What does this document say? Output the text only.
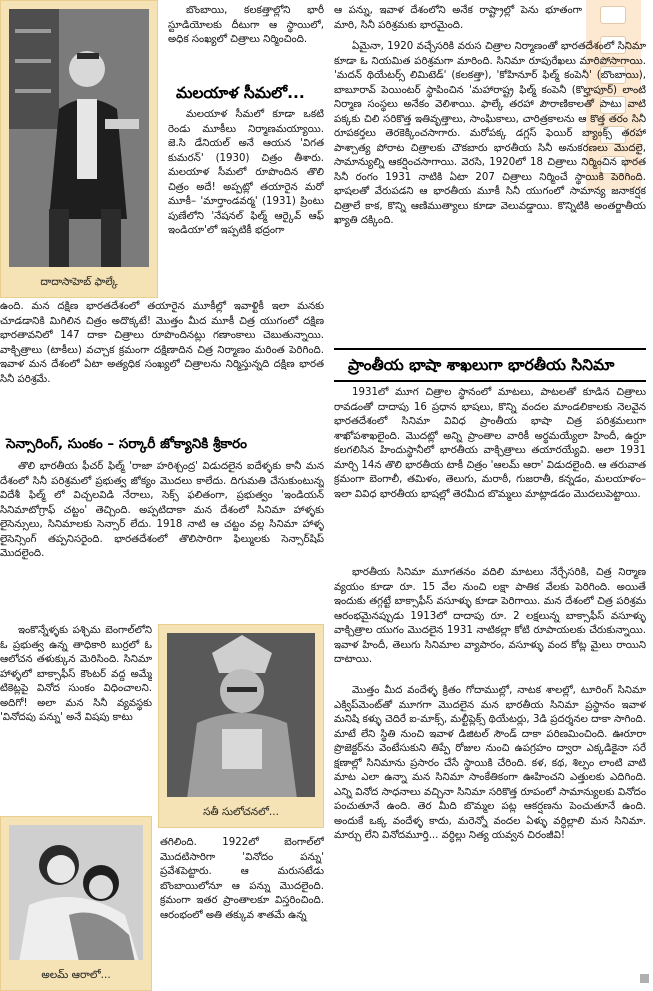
దాదాసాహెబ్ ఫాల్కే

బొంబాయి, కలకత్తాల్లోని భారీ స్టూడియోలకు దీటుగా ఆ స్థాయిలో, అధిక సంఖ్యలో చిత్రాలు నిర్మించింది.

మలయాళ సీమలో...

మలయాళ సీమలో కూడా ఒకటి రెండు మూకీలు నిర్మాణమయ్యాయి. జె.సి డేనియల్ అనే ఆయన 'విగత కుమరన్' (1930) చిత్రం తీశారు. మలయాళ సీమలో రూపొందిన తొలి చిత్రం అదే! అప్పట్లో తయారైన మరో మూకీ– 'మార్తాండవర్మ' (1931) ప్రింటు పుణేలోని 'నేషనల్ ఫిల్మ్ ఆర్కైవ్ ఆఫ్ ఇండియా'లో ఇప్పటికీ భద్రంగా

ఉంది. మన దక్షిణ భారతదేశంలో తయారైన మూకీల్లో ఇవాళ్టికీ ఇలా మనకు చూడడానికి మిగిలిన చిత్రం అదొక్కటే! మొత్తం మీద మూకీ చిత్ర యుగంలో దక్షిణ భారతావనిలో 147 దాకా చిత్రాలు రూపొందినట్లు గణాంకాలు చెబుతున్నాయి. వాక్చిత్రాలు (టాకీలు) వచ్చాక క్రమంగా దక్షిణాదిన చిత్ర నిర్మాణం మరింత పెరిగింది. ఇవాళ మన దేశంలో ఏటా అత్యధిక సంఖ్యలో చిత్రాలను నిర్మిస్తున్నది దక్షిణ భారత సినీ పరిశ్రమే.

సెన్సారింగ్, సుంకం – సర్కారీ జోక్యానికి శ్రీకారం

తొలి భారతీయ ఫీచర్ ఫిల్మ్ 'రాజా హరిశ్చంద్ర' విడుదలైన ఐదేళ్ళకు కానీ మన దేశంలో సినీ పరిశ్రమలో ప్రభుత్వ జోక్యం మొదలు కాలేదు. దిగుమతి చేసుకుంటున్న విదేశీ ఫిల్మ్ లో విచ్చలవిడి నేరాలు, సెక్స్ ఫలితంగా, ప్రభుత్వం 'ఇండియన్ సినిమాటోగ్రాఫ్ చట్టం' తెచ్చింది. అప్పటిదాకా మన దేశంలో సినిమా హాళ్ళకు లైసెన్సులు, సినిమాలకు సెన్సార్ లేదు. 1918 నాటి ఆ చట్టం వల్ల సినిమా హాళ్ళ లైసెన్సింగ్ తప్పనిసరైంది. భారతదేశంలో తొలిసారిగా ఫిల్ములకు సెన్సార్‌షిప్ మొదలైంది.

ఇంకొన్నేళ్ళకు పశ్చిమ బెంగాల్‌లోని ఓ ప్రభుత్వ ఉన్న తాధికారి బుర్రలో ఓ ఆలోచన తళుక్కున మెరిసింది. సినిమా హాళ్ళలో బాక్సాఫీస్ కౌంటర్ వద్ద అమ్మే టికెట్లపై వినోద సుంకం విధించాలని. అదిగో! అలా మన సినీ వ్యవస్థకు 'వినోదపు పన్ను' అనే విషపు కాటు

సతీ సులోచనలో...
అలమ్ ఆరాలో...

తగిలింది. 1922లో బెంగాల్‌లో మొదటిసారిగా 'వినోదం పన్ను' ప్రవేశపెట్టారు. ఆ మరుసటేడు బొంబాయిలోనూ ఆ పన్ను మొదలైంది. క్రమంగా ఇతర ప్రాంతాలకూ విస్తరించింది. ఆరంభంలో అతి తక్కువ శాతమే ఉన్న

ఆ పన్ను, ఇవాళ దేశంలోని అనేక రాష్ట్రాల్లో పెను భూతంగా మారి, సినీ పరిశ్రమకు భారమైంది.

ఏమైనా, 1920 వచ్చేసరికి వరుస చిత్రాల నిర్మాణంతో భారతదేశంలో సినిమా కూడా ఓ నియమిత పరిశ్రమగా మారింది. సినిమా రూపురేఖలు మారిపోసాగాయి. 'మదన్ థియేటర్స్ లిమిటెడ్' (కలకత్తా), 'కోహినూర్ ఫిల్మ్ కంపెనీ' (బొంబాయి), బాబూరావ్ పెయింటర్ స్థాపించిన 'మహారాష్ట్ర ఫిల్మ్ కంపెనీ (కొల్హాపూర్) లాంటి నిర్మాణ సంస్థలు అనేకం వెలిశాయి. ఫాల్కే తరహా పౌరాణికాలతో పాటు వాటి పక్కకు చిలి సరికొత్త ఇతివృత్తాలు, సాంఘికాలు, చారిత్రకాలను ఆ కొత్త తరం సినీ రూపకర్తలు తెరకెక్కించసాగారు. మరోపక్క డగ్లస్ ఫెయిర్ బ్యాంక్స్ తరహా పాశ్చాత్య పోరాట చిత్రాలకు చౌకబారు భారతీయ సినీ అనుకరణలు మొదలై, సామాన్యుల్ని ఆకర్షించసాగాయి. వెరసి, 1920లో 18 చిత్రాలు నిర్మించిన భారత సినీ రంగం 1931 నాటికి ఏటా 207 చిత్రాలు నిర్మించే స్థాయికి పెరిగింది. భాషలతో వేరుపడని ఆ భారతీయ మూకీ సినీ యుగంలో సామాన్య జనాకర్షక చిత్రాలే కాక, కొన్ని ఆణిముత్యాలు కూడా వెలువడ్డాయి. కొన్నిటికి అంతర్జాతీయ ఖ్యాతి దక్కింది.

ప్రాంతీయ భాషా శాఖలుగా భారతీయ సినిమా

1931లో మూగ చిత్రాల స్థానంలో మాటలు, పాటలతో కూడిన చిత్రాలు రావడంతో దాదాపు 16 ప్రధాన భాషలు, కొన్ని వందల మాండలికాలకు నెలవైన భారతదేశంలో సినిమా వివిధ ప్రాంతీయ భాషా చిత్ర పరిశ్రమలుగా శాఖోపశాఖలైంది. మొదట్లో అన్ని ప్రాంతాల వారికీ అర్థమయ్యేలా హిందీ, ఉర్దూ కలగలిసిన హిందుస్థానీలో భారతీయ వాక్చిత్రాలు తయారయ్యేవి. అలా 1931 మార్చి 14న తొలి భారతీయ టాకీ చిత్రం 'ఆలమ్ ఆరా' విడుదలైంది. ఆ తరువాత క్రమంగా బెంగాలీ, తమిళం, తెలుగు, మరాఠీ, గుజరాతీ, కన్నడం, మలయాళం– ఇలా వివిధ భారతీయ భాషల్లో తెరమీద బొమ్మలు మాట్లాడడం మొదలుపెట్టాయి.

భారతీయ సినిమా మూగతనం వదిలి మాటలు నేర్చేసరికి, చిత్ర నిర్మాణ వ్యయం కూడా రూ. 15 వేల నుంచి లక్షా పాతిక వేలకు పెరిగింది. అయితే ఇందుకు తగ్గట్టే బాక్సాఫీస్ వసూళ్ళు కూడా పెరిగాయి. మన దేశంలో చిత్ర పరిశ్రమ ఆరంభమైనప్పుడు 1913లో దాదాపు రూ. 2 లక్షలున్న బాక్సాఫీస్ వసూళ్ళు వాక్చిత్రాల యుగం మొదలైన 1931 నాటికల్లా కోటి రూపాయలకు చేరుకున్నాయి. ఇవాళ హిందీ, తెలుగు సినిమాల వ్యాపారం, వసూళ్ళు వంద కోట్ల మైలు రాయిని దాటాయి.

మొత్తం మీద వందేళ్ళ క్రితం గోదాముల్లో, నాటక శాలల్లో, టూరింగ్ సినిమా ఎక్విప్‌మెంట్‌తో మూగగా మొదలైన మన భారతీయ సినిమా ప్రస్థానం ఇవాళ మనిషి కళ్ళు చెదిరే ఐ-మాక్స్, మల్టీప్లెక్స్ థియేటర్లు, 3డి ప్రదర్శనల దాకా సాగింది. మాటే లేని స్థితి నుంచి ఇవాళ డిజిటల్ సౌండ్ దాకా పరిణమించింది. ఊరూరా ప్రొజెక్టర్‌ను వెంటేసుకుని తిప్పే రోజుల నుంచి ఉపగ్రహం ద్వారా ఎక్కడికైనా సరే క్షణాల్లో సినిమాను ప్రసారం చేసే స్థాయికి చేరింది. కళ, కథ, శిల్పం లాంటి వాటి మాట ఎలా ఉన్నా మన సినిమా సాంకేతికంగా ఊహించని ఎత్తులకు ఎదిగింది. ఎన్ని వినోద సాధనాలు వచ్చినా సినిమా సరికొత్త రూపంలో సామాన్యులకు వినోదం పంచుతూనే ఉంది. తెర మీది బొమ్మల పట్ల ఆకర్షణను పెంచుతూనే ఉంది. అందుకే ఒక్క వందేళ్ళ కాదు, మరెన్నో వందల ఏళ్ళు వర్ధిల్లాలి మన సినిమా. మార్చు లేని వినోదమూర్తి... వర్ధిల్లు నిత్య యవ్వన చిరంజీవి!
